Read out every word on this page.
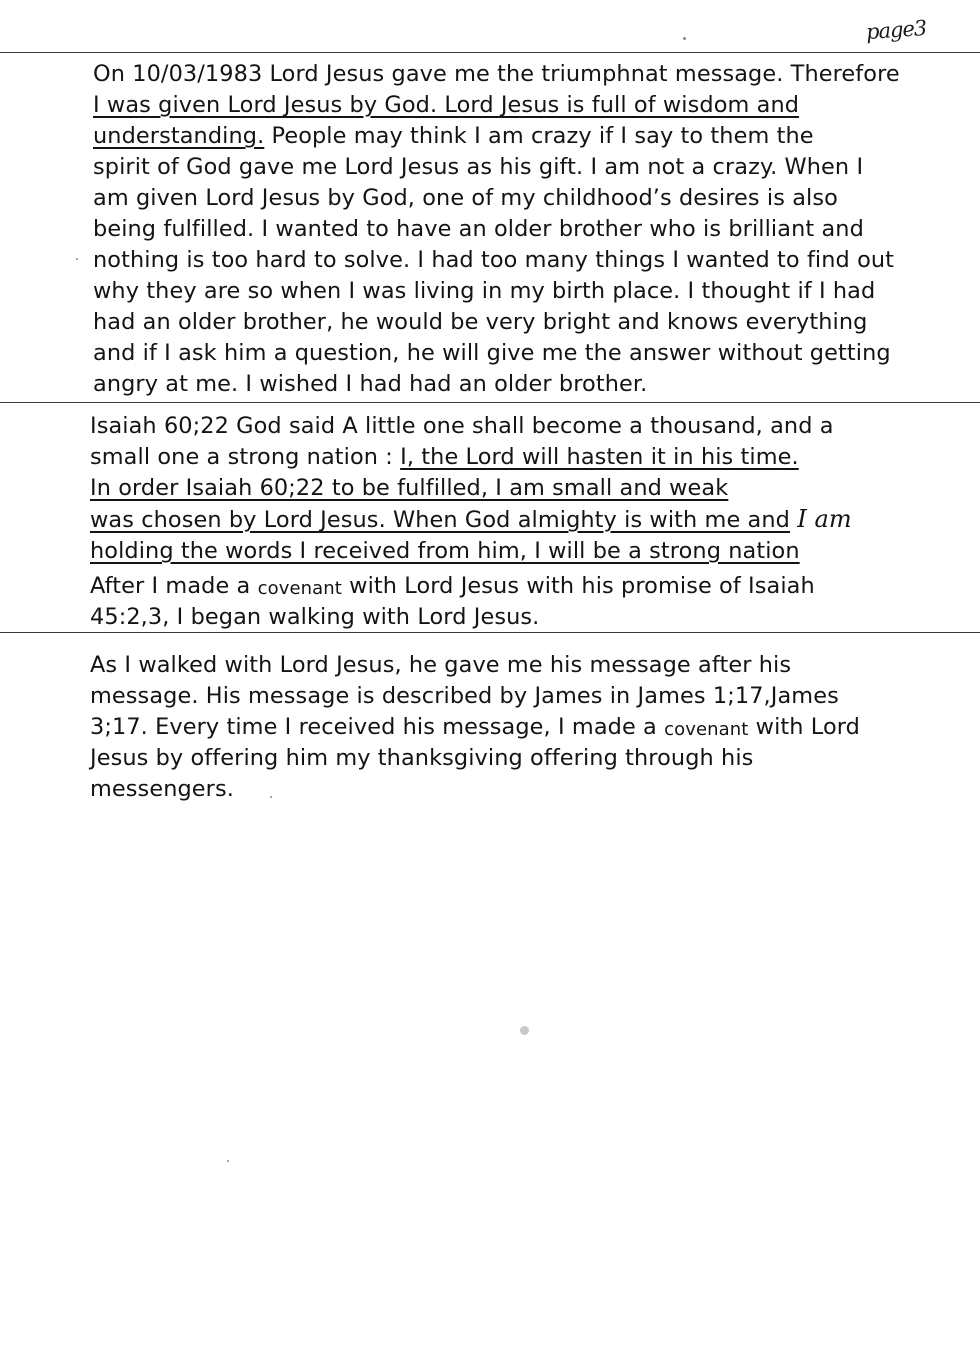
page3
On 10/03/1983 Lord Jesus gave me the triumphnat message. Therefore
I was given Lord Jesus by God. Lord Jesus is full of wisdom and
understanding. People may think I am crazy if I say to them the
spirit of God gave me Lord Jesus as his gift. I am not a crazy. When I
am given Lord Jesus by God, one of my childhood’s desires is also
being fulfilled. I wanted to have an older brother who is brilliant and
nothing is too hard to solve. I had too many things I wanted to find out
why they are so when I was living in my birth place. I thought if I had
had an older brother, he would be very bright and knows everything
and if I ask him a question, he will give me the answer without getting
angry at me. I wished I had had an older brother.
Isaiah 60;22 God said A little one shall become a thousand, and a
small one a strong nation : I, the Lord will hasten it in his time.
In order Isaiah 60;22 to be fulfilled, I am small and weak
was chosen by Lord Jesus. When God almighty is with me and I am
holding the words I received from him, I will be a strong nation
After I made a covenant with Lord Jesus with his promise of Isaiah
45:2,3, I began walking with Lord Jesus.
As I walked with Lord Jesus, he gave me his message after his
message. His message is described by James in James 1;17,James
3;17. Every time I received his message, I made a covenant with Lord
Jesus by offering him my thanksgiving offering through his
messengers.
